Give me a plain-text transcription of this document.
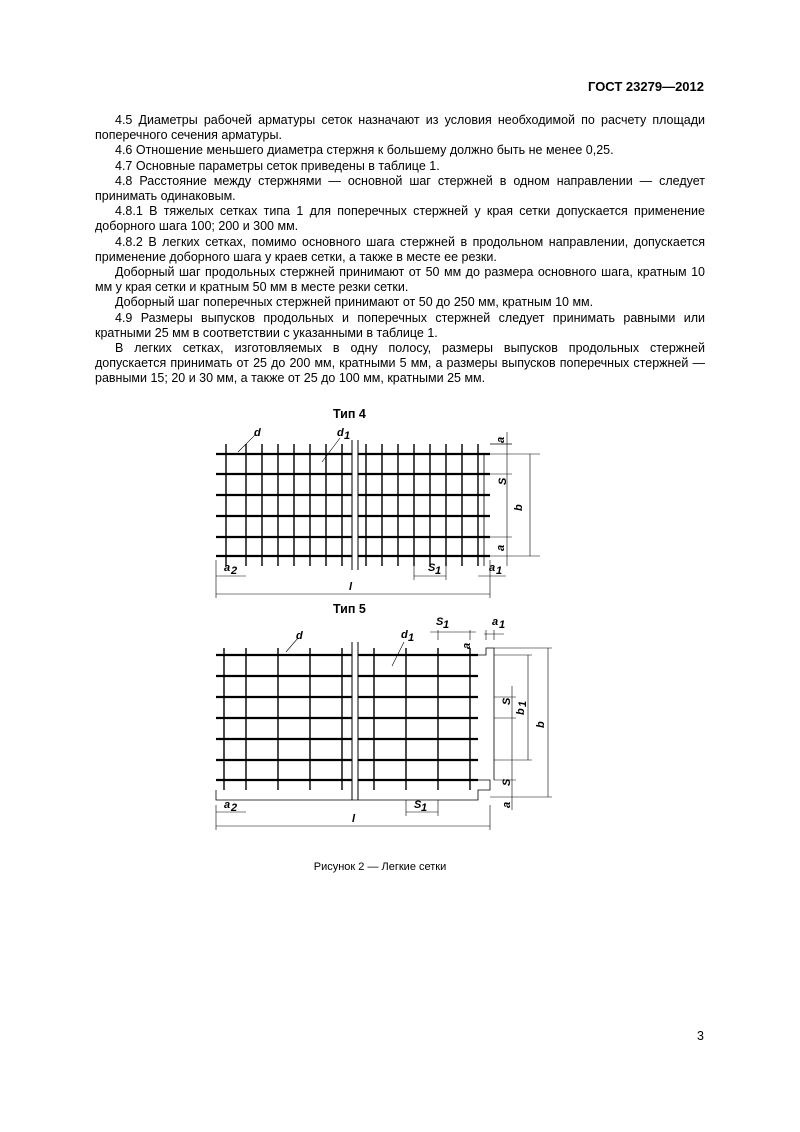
ГОСТ 23279—2012

4.5 Диаметры рабочей арматуры сеток назначают из условия необходимой по расчету площади поперечного сечения арматуры.

4.6 Отношение меньшего диаметра стержня к большему должно быть не менее 0,25.

4.7 Основные параметры сеток приведены в таблице 1.

4.8 Расстояние между стержнями — основной шаг стержней в одном направлении — следует принимать одинаковым.

4.8.1 В тяжелых сетках типа 1 для поперечных стержней у края сетки допускается применение доборного шага 100; 200 и 300 мм.

4.8.2 В легких сетках, помимо основного шага стержней в продольном направлении, допускается применение доборного шага у краев сетки, а также в месте ее резки.

Доборный шаг продольных стержней принимают от 50 мм до размера основного шага, кратным 10 мм у края сетки и кратным 50 мм в месте резки сетки.

Доборный шаг поперечных стержней принимают от 50 до 250 мм, кратным 10 мм.

4.9 Размеры выпусков продольных и поперечных стержней следует принимать равными или кратными 25 мм в соответствии с указанными в таблице 1.

В легких сетках, изготовляемых в одну полосу, размеры выпусков продольных стержней допускается принимать от 25 до 200 мм, кратными 5 мм, а размеры выпусков поперечных стержней — равными 15; 20 и 30 мм, а также от 25 до 100 мм, кратными 25 мм.

Тип 4
Тип 5
d	d 1	a
S
b
a
a 2	S 1	a 1
l
d	d 1
S 1	a 1
a
S
b
1
b
S
a
a 2	S 1
l
Рисунок 2 — Легкие сетки
3
